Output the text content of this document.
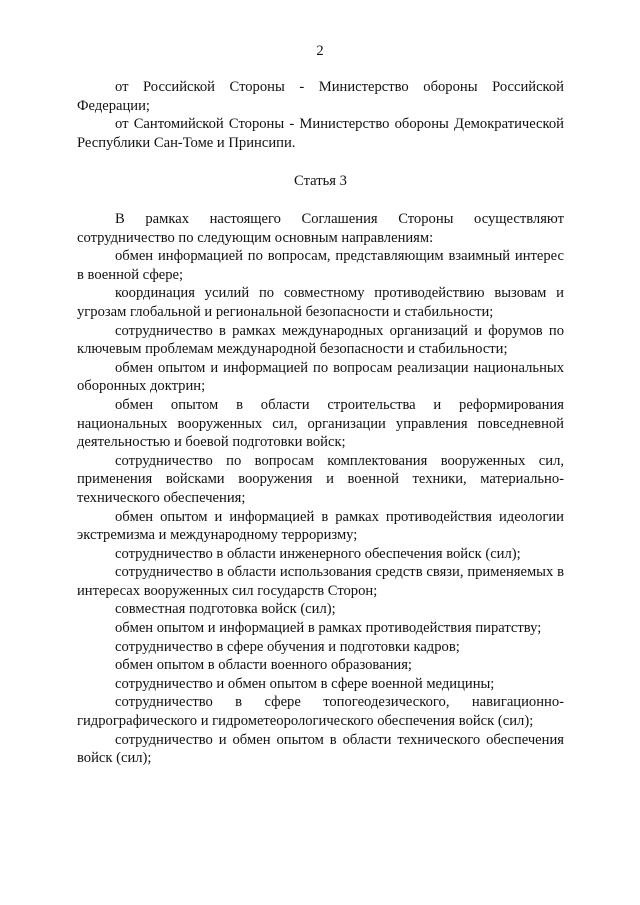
2

от Российской Стороны - Министерство обороны Российской Федерации;

от Сантомийской Стороны - Министерство обороны Демократической Республики Сан-Томе и Принсипи.

Статья 3

В рамках настоящего Соглашения Стороны осуществляют сотрудничество по следующим основным направлениям:

обмен информацией по вопросам, представляющим взаимный интерес в военной сфере;

координация усилий по совместному противодействию вызовам и угрозам глобальной и региональной безопасности и стабильности;

сотрудничество в рамках международных организаций и форумов по ключевым проблемам международной безопасности и стабильности;

обмен опытом и информацией по вопросам реализации национальных оборонных доктрин;

обмен опытом в области строительства и реформирования национальных вооруженных сил, организации управления повседневной деятельностью и боевой подготовки войск;

сотрудничество по вопросам комплектования вооруженных сил, применения войсками вооружения и военной техники, материально-технического обеспечения;

обмен опытом и информацией в рамках противодействия идеологии экстремизма и международному терроризму;

сотрудничество в области инженерного обеспечения войск (сил);

сотрудничество в области использования средств связи, применяемых в интересах вооруженных сил государств Сторон;

совместная подготовка войск (сил);

обмен опытом и информацией в рамках противодействия пиратству;

сотрудничество в сфере обучения и подготовки кадров;

обмен опытом в области военного образования;

сотрудничество и обмен опытом в сфере военной медицины;

сотрудничество в сфере топогеодезического, навигационно-гидрографического и гидрометеорологического обеспечения войск (сил);

сотрудничество и обмен опытом в области технического обеспечения войск (сил);
